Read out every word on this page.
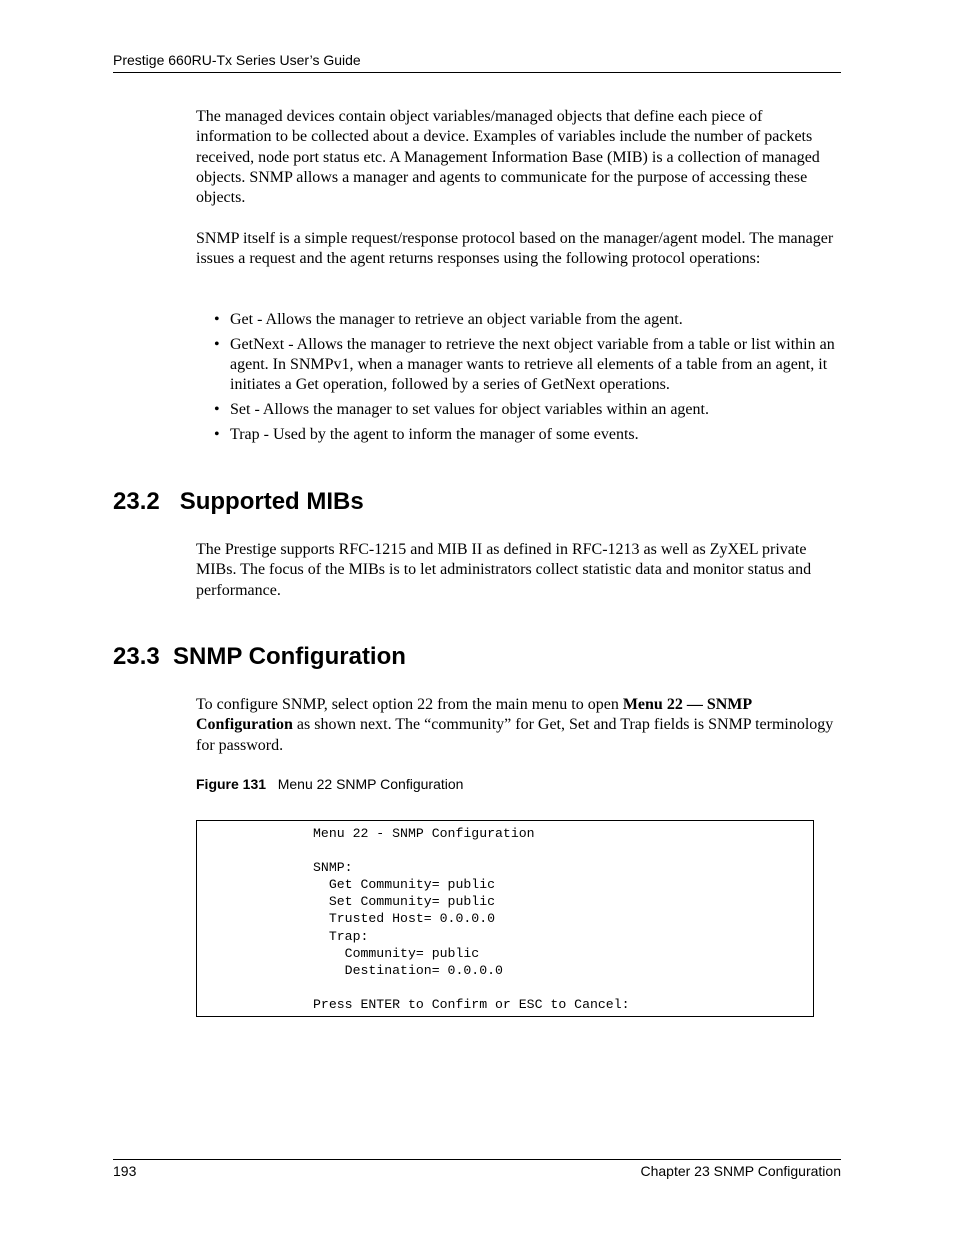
Prestige 660RU-Tx Series User’s Guide

The managed devices contain object variables/managed objects that define each piece of information to be collected about a device. Examples of variables include the number of packets received, node port status etc. A Management Information Base (MIB) is a collection of managed objects. SNMP allows a manager and agents to communicate for the purpose of accessing these objects.

SNMP itself is a simple request/response protocol based on the manager/agent model. The manager issues a request and the agent returns responses using the following protocol operations:

• Get - Allows the manager to retrieve an object variable from the agent.
• GetNext - Allows the manager to retrieve the next object variable from a table or list within an agent. In SNMPv1, when a manager wants to retrieve all elements of a table from an agent, it initiates a Get operation, followed by a series of GetNext operations.
• Set - Allows the manager to set values for object variables within an agent.
• Trap - Used by the agent to inform the manager of some events.
23.2   Supported MIBs

The Prestige supports RFC-1215 and MIB II as defined in RFC-1213 as well as ZyXEL private MIBs. The focus of the MIBs is to let administrators collect statistic data and monitor status and performance.

23.3  SNMP Configuration

To configure SNMP, select option 22 from the main menu to open Menu 22 — SNMP Configuration as shown next. The “community” for Get, Set and Trap fields is SNMP terminology for password.

Figure 131 Menu 22 SNMP Configuration
Menu 22 - SNMP Configuration

SNMP:
Get Community= public
Set Community= public
Trusted Host= 0.0.0.0
Trap:
Community= public
Destination= 0.0.0.0

Press ENTER to Confirm or ESC to Cancel:
193	Chapter 23 SNMP Configuration
